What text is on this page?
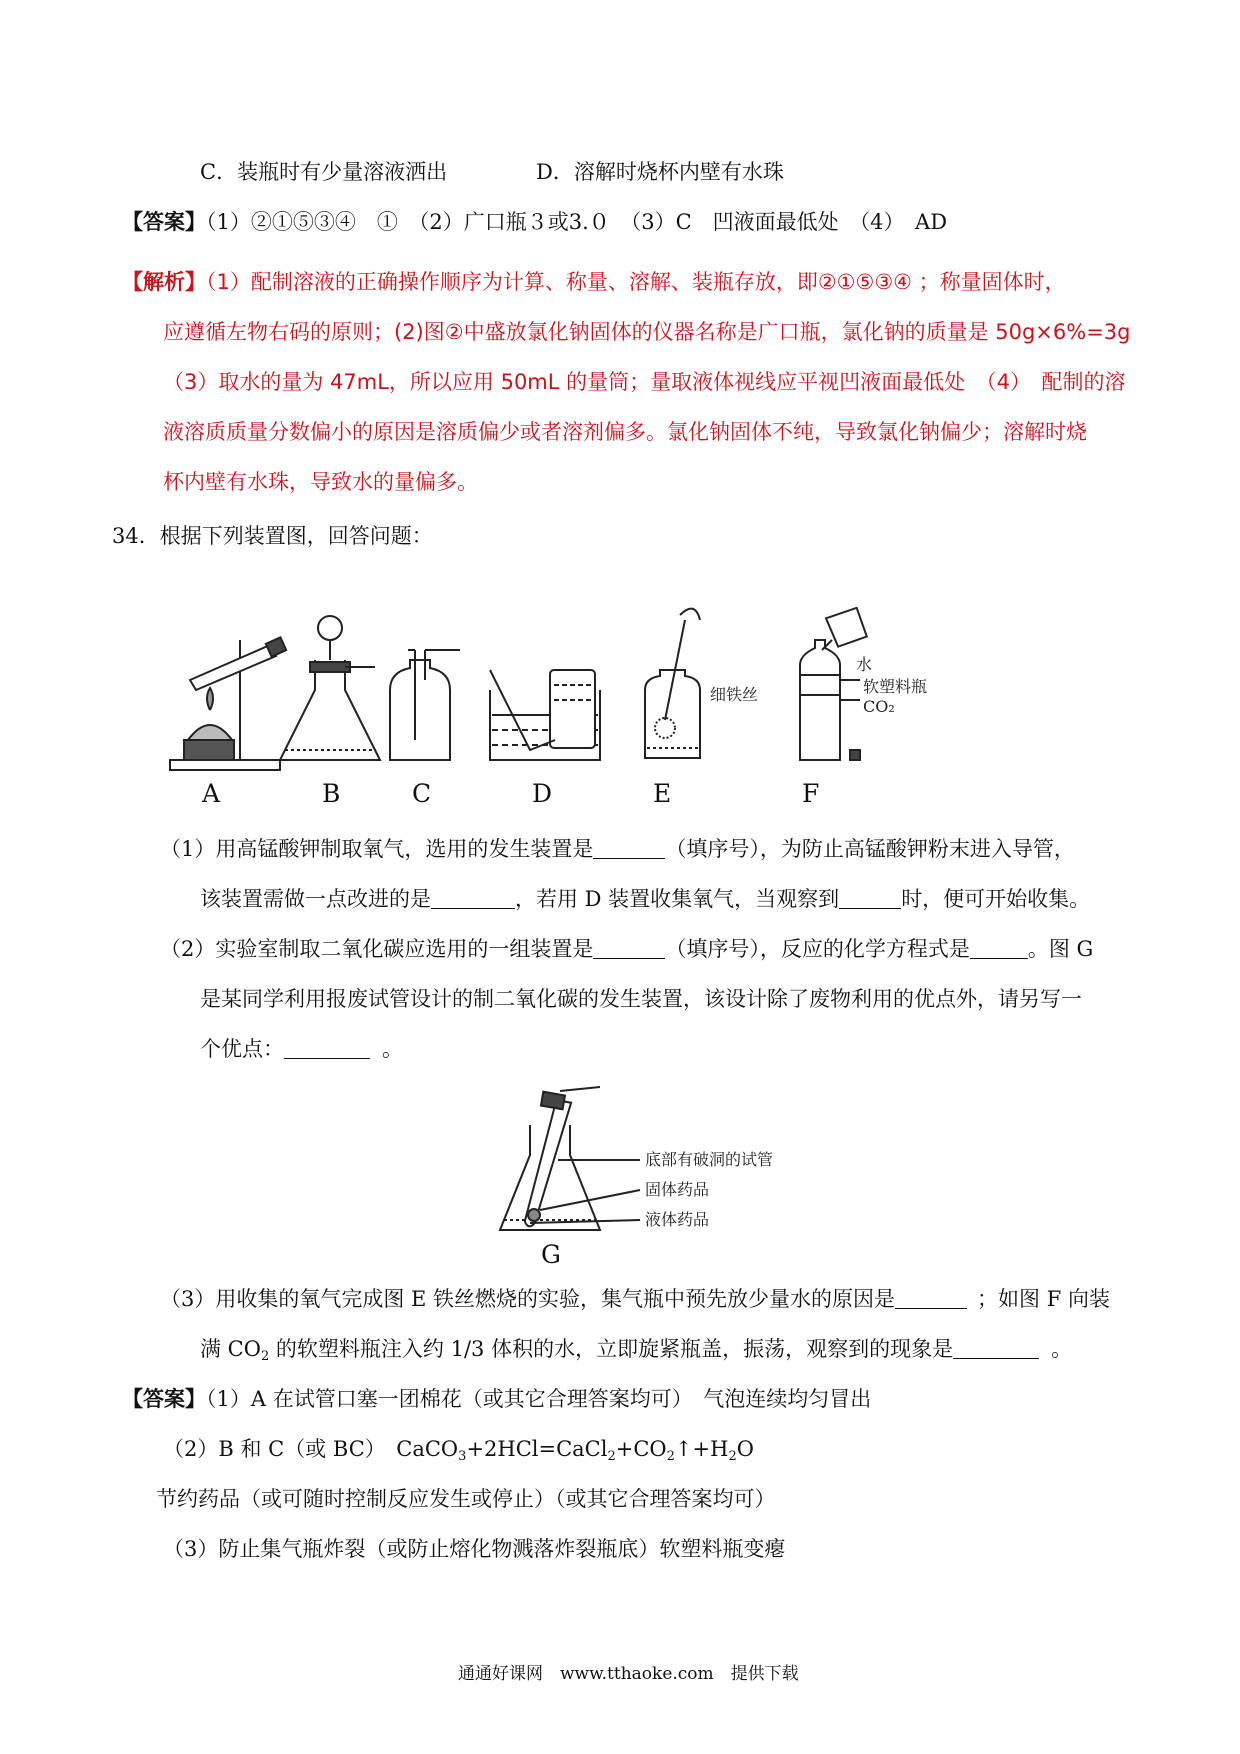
C．装瓶时有少量溶液洒出	D．溶解时烧杯内壁有水珠
【答案】（1）②①⑤③④　①　（2）广口瓶３或3.０　（3）C　凹液面最低处　（4）　AD
【解析】（1）配制溶液的正确操作顺序为计算、称量、溶解、装瓶存放，即②①⑤③④ ；称量固体时，
应遵循左物右码的原则；(2)图②中盛放氯化钠固体的仪器名称是广口瓶，氯化钠的质量是 50g×6%=3g
（3）取水的量为 47mL，所以应用 50mL 的量筒；量取液体视线应平视凹液面最低处　（4）　配制的溶
液溶质质量分数偏小的原因是溶质偏少或者溶剂偏多。氯化钠固体不纯，导致氯化钠偏少；溶解时烧
杯内壁有水珠，导致水的量偏多。
34．根据下列装置图，回答问题：
A	B	C	D
细铁丝
E
水
软塑料瓶
CO₂
F
（1）用高锰酸钾制取氧气，选用的发生装置是	（填序号），为防止高锰酸钾粉末进入导管，
该装置需做一点改进的是	，若用 D 装置收集氧气，当观察到	时，便可开始收集。
（2）实验室制取二氧化碳应选用的一组装置是	（填序号），反应的化学方程式是	。图 G
是某同学利用报废试管设计的制二氧化碳的发生装置，该设计除了废物利用的优点外，请另写一
个优点：	。
底部有破洞的试管
固体药品
液体药品
G
（3）用收集的氧气完成图 E 铁丝燃烧的实验，集气瓶中预先放少量水的原因是	；如图 F 向装
满 $CO_2$ 的软塑料瓶注入约 1/3 体积的水，立即旋紧瓶盖，振荡，观察到的现象是	。
【答案】（1）A 在试管口塞一团棉花（或其它合理答案均可）　气泡连续均匀冒出
（2）B 和 C（或 BC）　$CaCO_3+2HCl=CaCl_2+CO_2↑+H_2O$
节约药品（或可随时控制反应发生或停止）（或其它合理答案均可）
（3）防止集气瓶炸裂（或防止熔化物溅落炸裂瓶底）软塑料瓶变瘪
通通好课网　www.tthaoke.com　提供下载
